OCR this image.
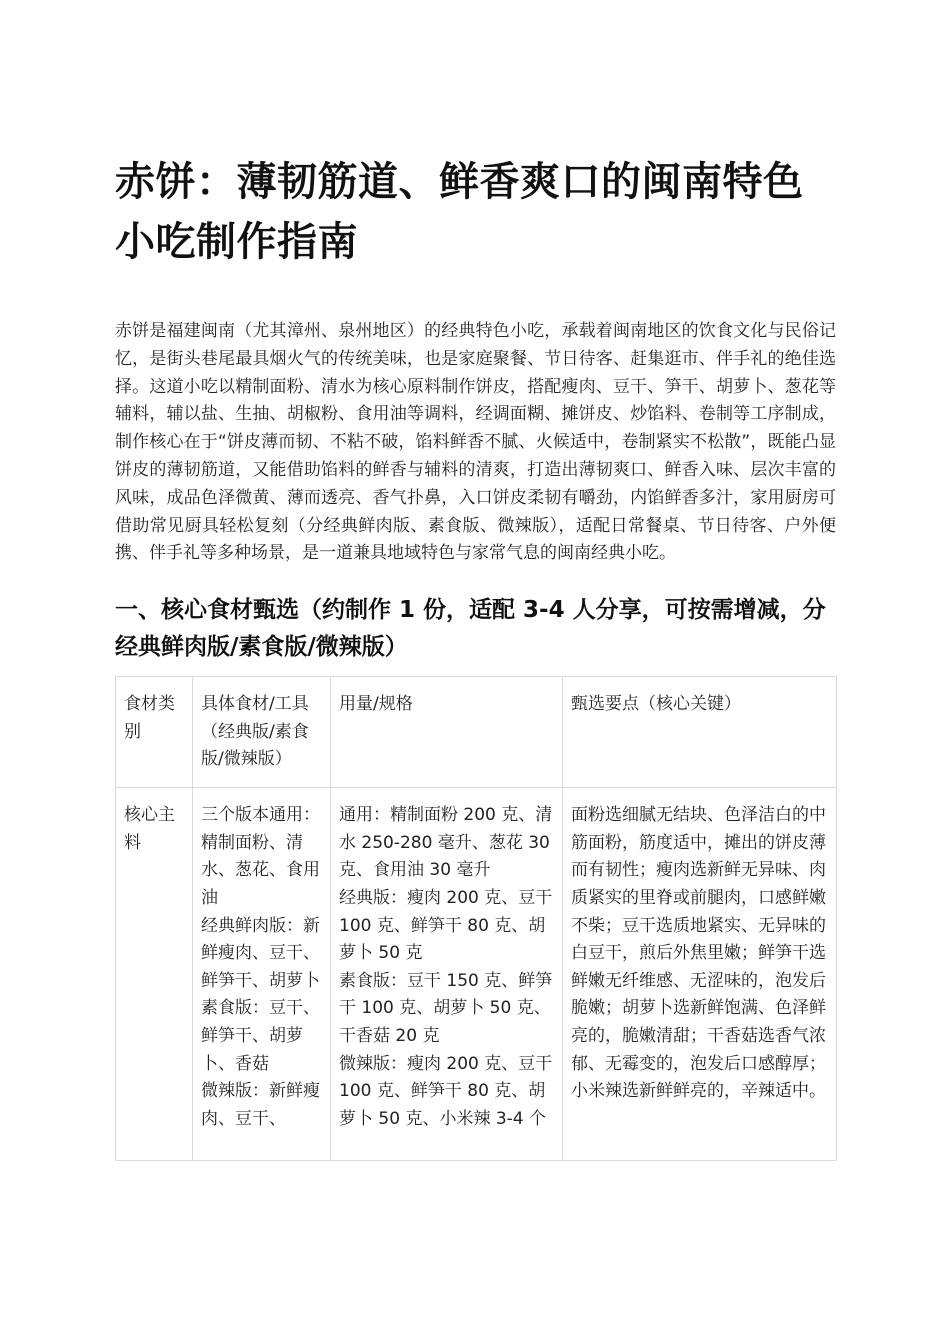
赤饼：薄韧筋道、鲜香爽口的闽南特色小吃制作指南

赤饼是福建闽南（尤其漳州、泉州地区）的经典特色小吃，承载着闽南地区的饮食文化与民俗记忆，是街头巷尾最具烟火气的传统美味，也是家庭聚餐、节日待客、赶集逛市、伴手礼的绝佳选择。这道小吃以精制面粉、清水为核心原料制作饼皮，搭配瘦肉、豆干、笋干、胡萝卜、葱花等辅料，辅以盐、生抽、胡椒粉、食用油等调料，经调面糊、摊饼皮、炒馅料、卷制等工序制成，制作核心在于“饼皮薄而韧、不粘不破，馅料鲜香不腻、火候适中，卷制紧实不松散”，既能凸显饼皮的薄韧筋道，又能借助馅料的鲜香与辅料的清爽，打造出薄韧爽口、鲜香入味、层次丰富的风味，成品色泽微黄、薄而透亮、香气扑鼻，入口饼皮柔韧有嚼劲，内馅鲜香多汁，家用厨房可借助常见厨具轻松复刻（分经典鲜肉版、素食版、微辣版），适配日常餐桌、节日待客、户外便携、伴手礼等多种场景，是一道兼具地域特色与家常气息的闽南经典小吃。

一、核心食材甄选（约制作 1 份，适配 3-4 人分享，可按需增减，分经典鲜肉版/素食版/微辣版）
食材类别	具体食材/工具（经典版/素食版/微辣版）	用量/规格	甄选要点（核心关键）

核心主料	三个版本通用：精制面粉、清水、葱花、食用油
经典鲜肉版：新鲜瘦肉、豆干、鲜笋干、胡萝卜
素食版：豆干、鲜笋干、胡萝卜、香菇
微辣版：新鲜瘦肉、豆干、	通用：精制面粉 200 克、清水 250-280 毫升、葱花 30 克、食用油 30 毫升
经典版：瘦肉 200 克、豆干 100 克、鲜笋干 80 克、胡萝卜 50 克
素食版：豆干 150 克、鲜笋干 100 克、胡萝卜 50 克、干香菇 20 克
微辣版：瘦肉 200 克、豆干 100 克、鲜笋干 80 克、胡萝卜 50 克、小米辣 3-4 个	面粉选细腻无结块、色泽洁白的中筋面粉，筋度适中，摊出的饼皮薄而有韧性；瘦肉选新鲜无异味、肉质紧实的里脊或前腿肉，口感鲜嫩不柴；豆干选质地紧实、无异味的白豆干，煎后外焦里嫩；鲜笋干选鲜嫩无纤维感、无涩味的，泡发后脆嫩；胡萝卜选新鲜饱满、色泽鲜亮的，脆嫩清甜；干香菇选香气浓郁、无霉变的，泡发后口感醇厚；小米辣选新鲜鲜亮的，辛辣适中。
